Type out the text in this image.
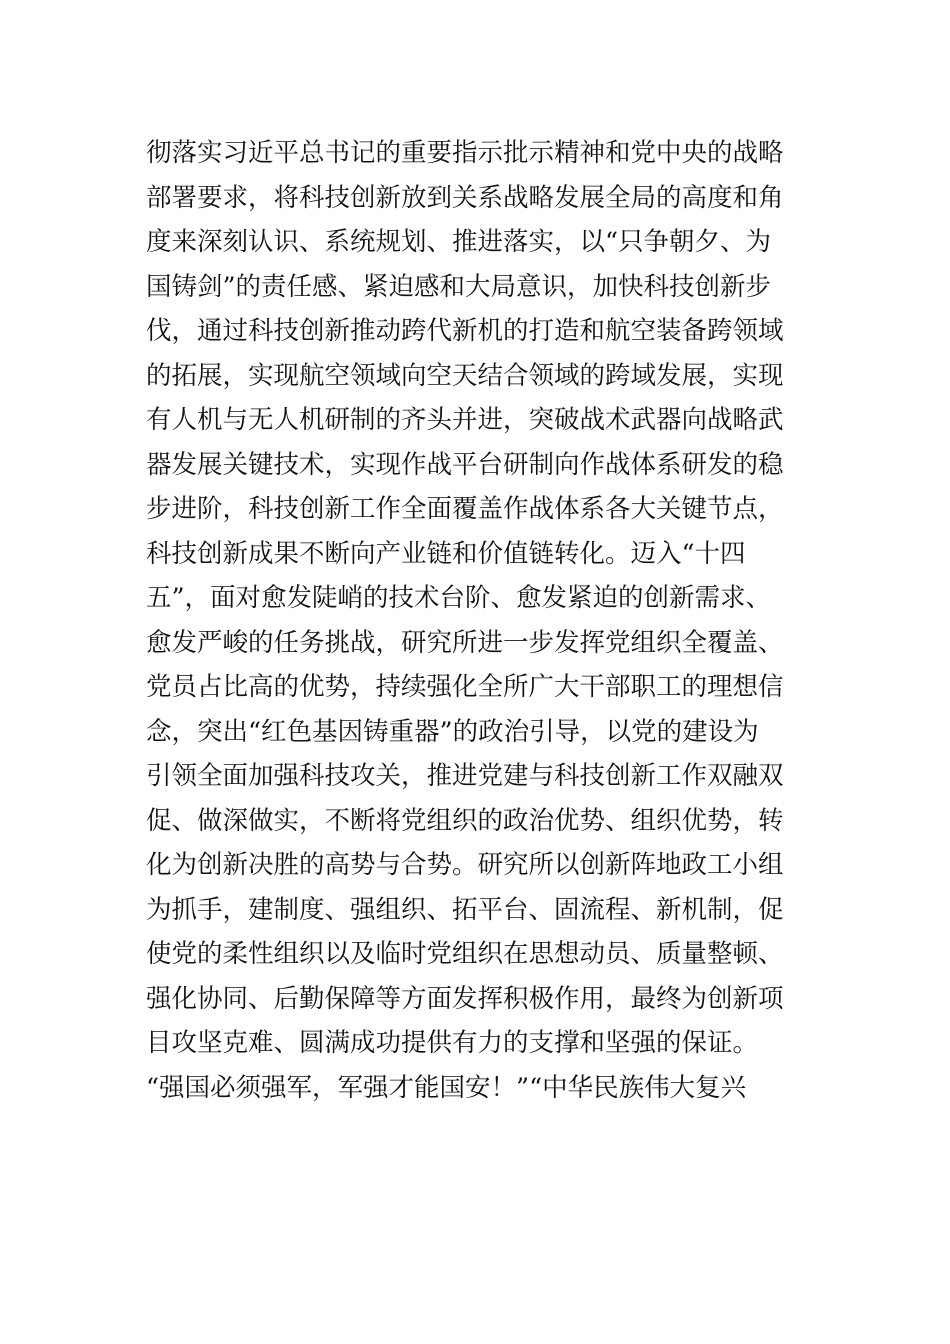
彻落实习近平总书记的重要指示批示精神和党中央的战略
部署要求，将科技创新放到关系战略发展全局的高度和角
度来深刻认识、系统规划、推进落实，以“只争朝夕、为
国铸剑”的责任感、紧迫感和大局意识，加快科技创新步
伐，通过科技创新推动跨代新机的打造和航空装备跨领域
的拓展，实现航空领域向空天结合领域的跨域发展，实现
有人机与无人机研制的齐头并进，突破战术武器向战略武
器发展关键技术，实现作战平台研制向作战体系研发的稳
步进阶，科技创新工作全面覆盖作战体系各大关键节点，
科技创新成果不断向产业链和价值链转化。迈入“十四
五”，面对愈发陡峭的技术台阶、愈发紧迫的创新需求、
愈发严峻的任务挑战，研究所进一步发挥党组织全覆盖、
党员占比高的优势，持续强化全所广大干部职工的理想信
念，突出“红色基因铸重器”的政治引导，以党的建设为
引领全面加强科技攻关，推进党建与科技创新工作双融双
促、做深做实，不断将党组织的政治优势、组织优势，转
化为创新决胜的高势与合势。研究所以创新阵地政工小组
为抓手，建制度、强组织、拓平台、固流程、新机制，促
使党的柔性组织以及临时党组织在思想动员、质量整顿、
强化协同、后勤保障等方面发挥积极作用，最终为创新项
目攻坚克难、圆满成功提供有力的支撑和坚强的保证。
“强国必须强军，军强才能国安！”“中华民族伟大复兴
